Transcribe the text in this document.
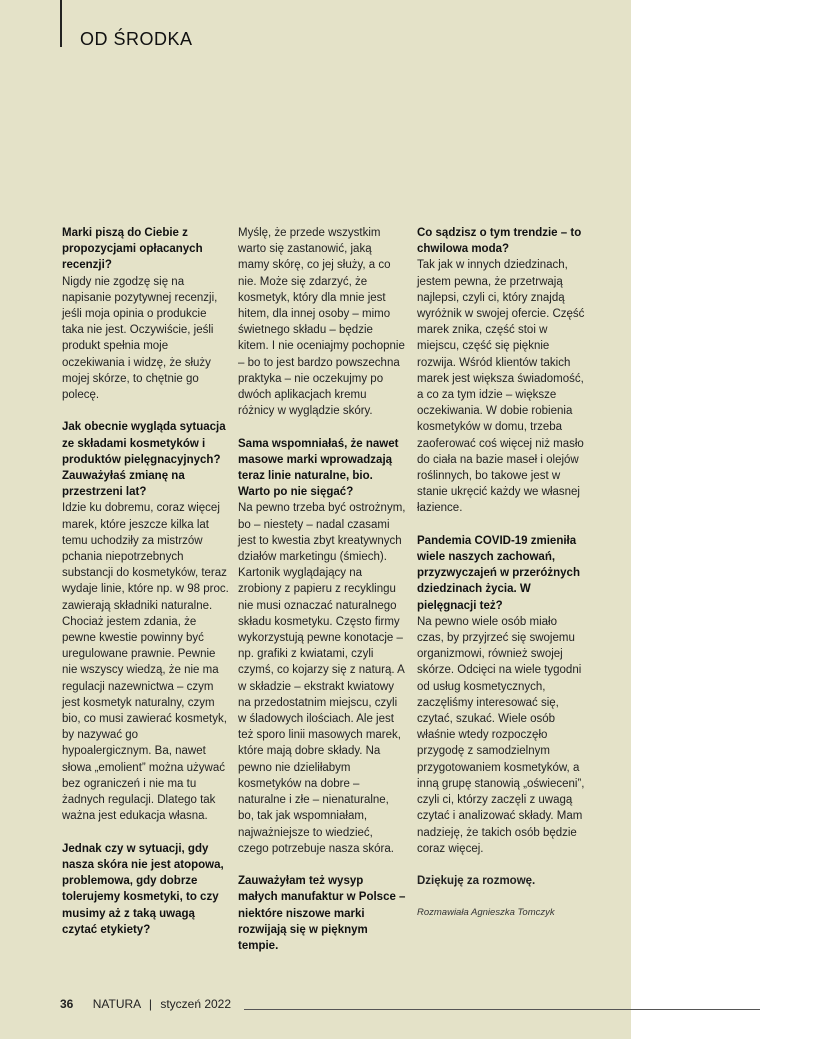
OD ŚRODKA

Marki piszą do Ciebie z propozycjami opłacanych recenzji?
Nigdy nie zgodzę się na napisanie pozytywnej recenzji, jeśli moja opinia o produkcie taka nie jest. Oczywiście, jeśli produkt spełnia moje oczekiwania i widzę, że służy mojej skórze, to chętnie go polecę.

Jak obecnie wygląda sytuacja ze składami kosmetyków i produktów pielęgnacyjnych? Zauważyłaś zmianę na przestrzeni lat?
Idzie ku dobremu, coraz więcej marek, które jeszcze kilka lat temu uchodziły za mistrzów pchania niepotrzebnych substancji do kosmetyków, teraz wydaje linie, które np. w 98 proc. zawierają składniki naturalne. Chociaż jestem zdania, że pewne kwestie powinny być uregulowane prawnie. Pewnie nie wszyscy wiedzą, że nie ma regulacji nazewnictwa – czym jest kosmetyk naturalny, czym bio, co musi zawierać kosmetyk, by nazywać go hypoalergicznym. Ba, nawet słowa „emolient” można używać bez ograniczeń i nie ma tu żadnych regulacji. Dlatego tak ważna jest edukacja własna.

Jednak czy w sytuacji, gdy nasza skóra nie jest atopowa, problemowa, gdy dobrze tolerujemy kosmetyki, to czy musimy aż z taką uwagą czytać etykiety?

Myślę, że przede wszystkim warto się zastanowić, jaką mamy skórę, co jej służy, a co nie. Może się zdarzyć, że kosmetyk, który dla mnie jest hitem, dla innej osoby – mimo świetnego składu – będzie kitem. I nie oceniajmy pochopnie – bo to jest bardzo powszechna praktyka – nie oczekujmy po dwóch aplikacjach kremu różnicy w wyglądzie skóry.

Sama wspomniałaś, że nawet masowe marki wprowadzają teraz linie naturalne, bio. Warto po nie sięgać?
Na pewno trzeba być ostrożnym, bo – niestety – nadal czasami jest to kwestia zbyt kreatywnych działów marketingu (śmiech). Kartonik wyglądający na zrobiony z papieru z recyklingu nie musi oznaczać naturalnego składu kosmetyku. Często firmy wykorzystują pewne konotacje – np. grafiki z kwiatami, czyli czymś, co kojarzy się z naturą. A w składzie – ekstrakt kwiatowy na przedostatnim miejscu, czyli w śladowych ilościach. Ale jest też sporo linii masowych marek, które mają dobre składy. Na pewno nie dzieliłabym kosmetyków na dobre – naturalne i złe – nienaturalne, bo, tak jak wspomniałam, najważniejsze to wiedzieć, czego potrzebuje nasza skóra.

Zauważyłam też wysyp małych manufaktur w Polsce – niektóre niszowe marki rozwijają się w pięknym tempie.

Co sądzisz o tym trendzie – to chwilowa moda?
Tak jak w innych dziedzinach, jestem pewna, że przetrwają najlepsi, czyli ci, który znajdą wyróżnik w swojej ofercie. Część marek znika, część stoi w miejscu, część się pięknie rozwija. Wśród klientów takich marek jest większa świadomość, a co za tym idzie – większe oczekiwania. W dobie robienia kosmetyków w domu, trzeba zaoferować coś więcej niż masło do ciała na bazie maseł i olejów roślinnych, bo takowe jest w stanie ukręcić każdy we własnej łazience.

Pandemia COVID-19 zmieniła wiele naszych zachowań, przyzwyczajeń w przeróżnych dziedzinach życia. W pielęgnacji też?
Na pewno wiele osób miało czas, by przyjrzeć się swojemu organizmowi, również swojej skórze. Odcięci na wiele tygodni od usług kosmetycznych, zaczęliśmy interesować się, czytać, szukać. Wiele osób właśnie wtedy rozpoczęło przygodę z samodzielnym przygotowaniem kosmetyków, a inną grupę stanowią „oświeceni”, czyli ci, którzy zaczęli z uwagą czytać i analizować składy. Mam nadzieję, że takich osób będzie coraz więcej.

Dziękuję za rozmowę.

Rozmawiała Agnieszka Tomczyk
36 NATURA | styczeń 2022
